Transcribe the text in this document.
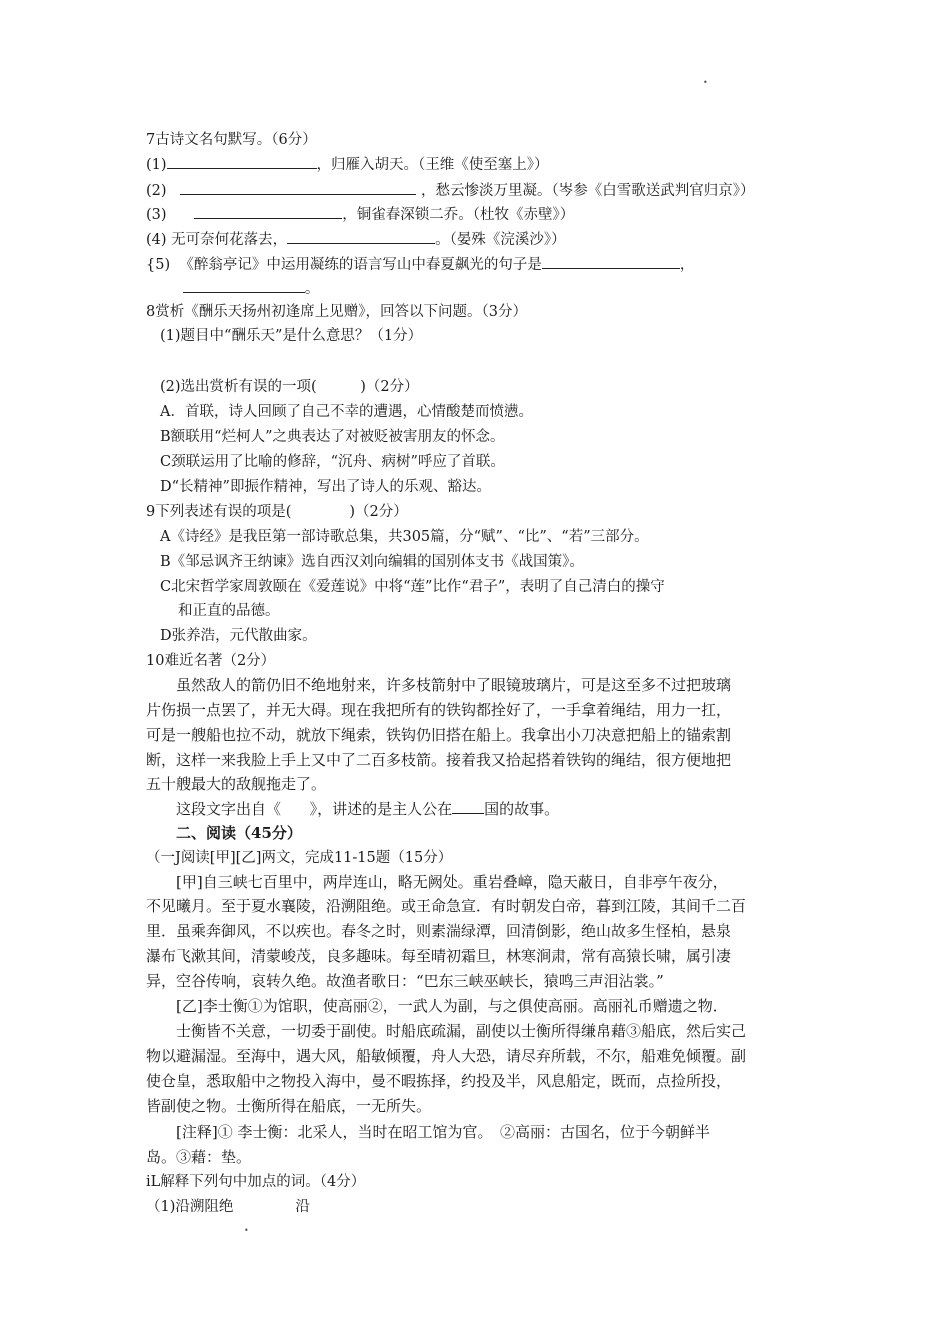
•
7古诗文名句默写。（6分）
(1)	，归雁入胡天。（王维《使至塞上》）
(2)	，愁云惨淡万里凝。（岑参《白雪歌送武判官归京》）
(3)	，铜雀春深锁二乔。（杜牧《赤壁》）
(4) 无可奈何花落去，	。（晏殊《浣溪沙》）
{5) 《醉翁亭记》中运用凝练的语言写山中春夏飙光的句子是	，
。
8赏析《酬乐天扬州初逢席上见赠》，回答以下问题。（3分）
(1)题目中“酬乐天”是什么意思？（1分）
(2)选出赏析有误的一项(　　　)（2分）
A．首联，诗人回顾了自己不幸的遭遇，心情酸楚而愤懑。
B额联用“烂柯人”之典表达了对被贬被害朋友的怀念。
C颈联运用了比喻的修辞，“沉舟、病树”呼应了首联。
D“长精神”即振作精神，写出了诗人的乐观、豁达。
9下列表述有误的项是(　　　　)（2分）
A《诗经》是我臣第一部诗歌总集，共305篇，分“赋”、“比”、“若”三部分。
B《邹忌讽齐王纳谏》选自西汉刘向编辑的国别体支书《战国策》。
C北宋哲学家周敦颐在《爱莲说》中将“莲”比作“君子”，表明了自己清白的操守
和正直的品德。
D张养浩，元代散曲家。
10难近名著（2分）
虽然敌人的箭仍旧不绝地射来，许多枝箭射中了眼镜玻璃片，可是这至多不过把玻璃
片伤损一点罢了，并无大碍。现在我把所有的铁钩都拴好了，一手拿着绳结，用力一扛，
可是一艘船也拉不动，就放下绳索，铁钩仍旧搭在船上。我拿出小刀决意把船上的锚索割
断，这样一来我脸上手上又中了二百多枝箭。接着我又拾起搭着铁钩的绳结，很方便地把
五十艘最大的敌舰拖走了。
这段文字出自《 》，讲述的是主人公在 国的故事。
二、阅读（45分）
（一J阅读[甲][乙]两文，完成11-15题（15分）
[甲]自三峡七百里中，两岸连山，略无阙处。重岩叠嶂，隐天蔽日，自非亭午夜分，
不见曦月。至于夏水襄陵，沿溯阻绝。或王命急宣．有时朝发白帝，暮到江陵，其间千二百
里．虽乘奔御风，不以疾也。春冬之时，则素湍绿潭，回清倒影，绝山故多生怪柏，悬泉
瀑布飞漱其间，清蒙峻茂，良多趣味。每至晴初霜旦，林寒涧肃，常有高猿长啸，属引凄
异，空谷传响，哀转久绝。故渔者歌日：“巴东三峡巫峡长，猿鸣三声泪沾裳。”
[乙]李士衡①为馆职，使高丽②，一武人为副，与之俱使高丽。高丽礼币赠遗之物．
士衡皆不关意，一切委于副使。时船底疏漏，副使以士衡所得缣帛藉③船底，然后实己
物以避漏湿。至海中，遇大风，船敏倾覆，舟人大恐，请尽弃所载，不尔，船难免倾覆。副
使仓皇，悉取船中之物投入海中，曼不暇拣择，约投及半，风息船定，既而，点捡所投，
皆副使之物。士衡所得在船底，一无所失。
[注释]① 李士衡：北采人，当时在昭工馆为官。　②高丽：古国名，位于今朝鲜半
岛。③藉：垫。
iL解释下列句中加点的词。（4分）
（1)沿溯阻绝	沿
•
